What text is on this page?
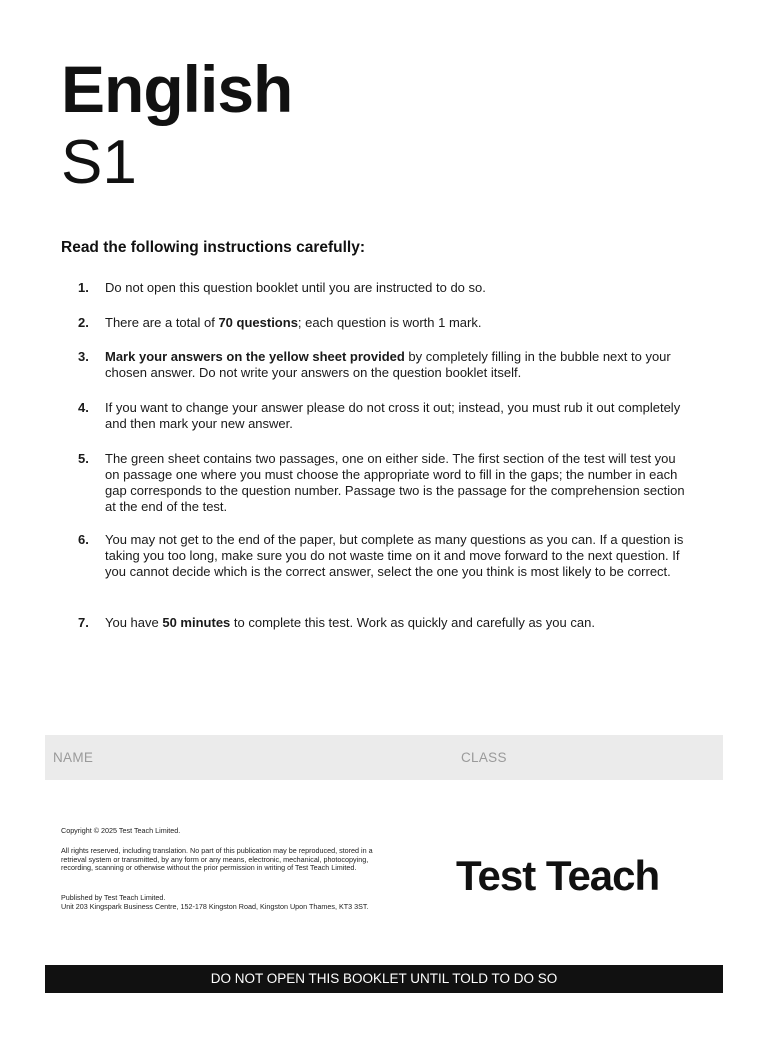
English
S1
Read the following instructions carefully:
1.	Do not open this question booklet until you are instructed to do so.
2.	There are a total of 70 questions; each question is worth 1 mark.
3.	Mark your answers on the yellow sheet provided by completely filling in the bubble next to your chosen answer. Do not write your answers on the question booklet itself.
4.	If you want to change your answer please do not cross it out; instead, you must rub it out completely and then mark your new answer.
5.	The green sheet contains two passages, one on either side. The first section of the test will test you on passage one where you must choose the appropriate word to fill in the gaps; the number in each gap corresponds to the question number. Passage two is the passage for the comprehension section at the end of the test.
6.	You may not get to the end of the paper, but complete as many questions as you can. If a question is taking you too long, make sure you do not waste time on it and move forward to the next question. If you cannot decide which is the correct answer, select the one you think is most likely to be correct.
7.	You have 50 minutes to complete this test. Work as quickly and carefully as you can.
NAME	CLASS
Copyright © 2025 Test Teach Limited.
All rights reserved, including translation. No part of this publication may be reproduced, stored in a retrieval system or transmitted, by any form or any means, electronic, mechanical, photocopying, recording, scanning or otherwise without the prior permission in writing of Test Teach Limited.
Published by Test Teach Limited.
Unit 203 Kingspark Business Centre, 152-178 Kingston Road, Kingston Upon Thames, KT3 3ST.
Test Teach
DO NOT OPEN THIS BOOKLET UNTIL TOLD TO DO SO
